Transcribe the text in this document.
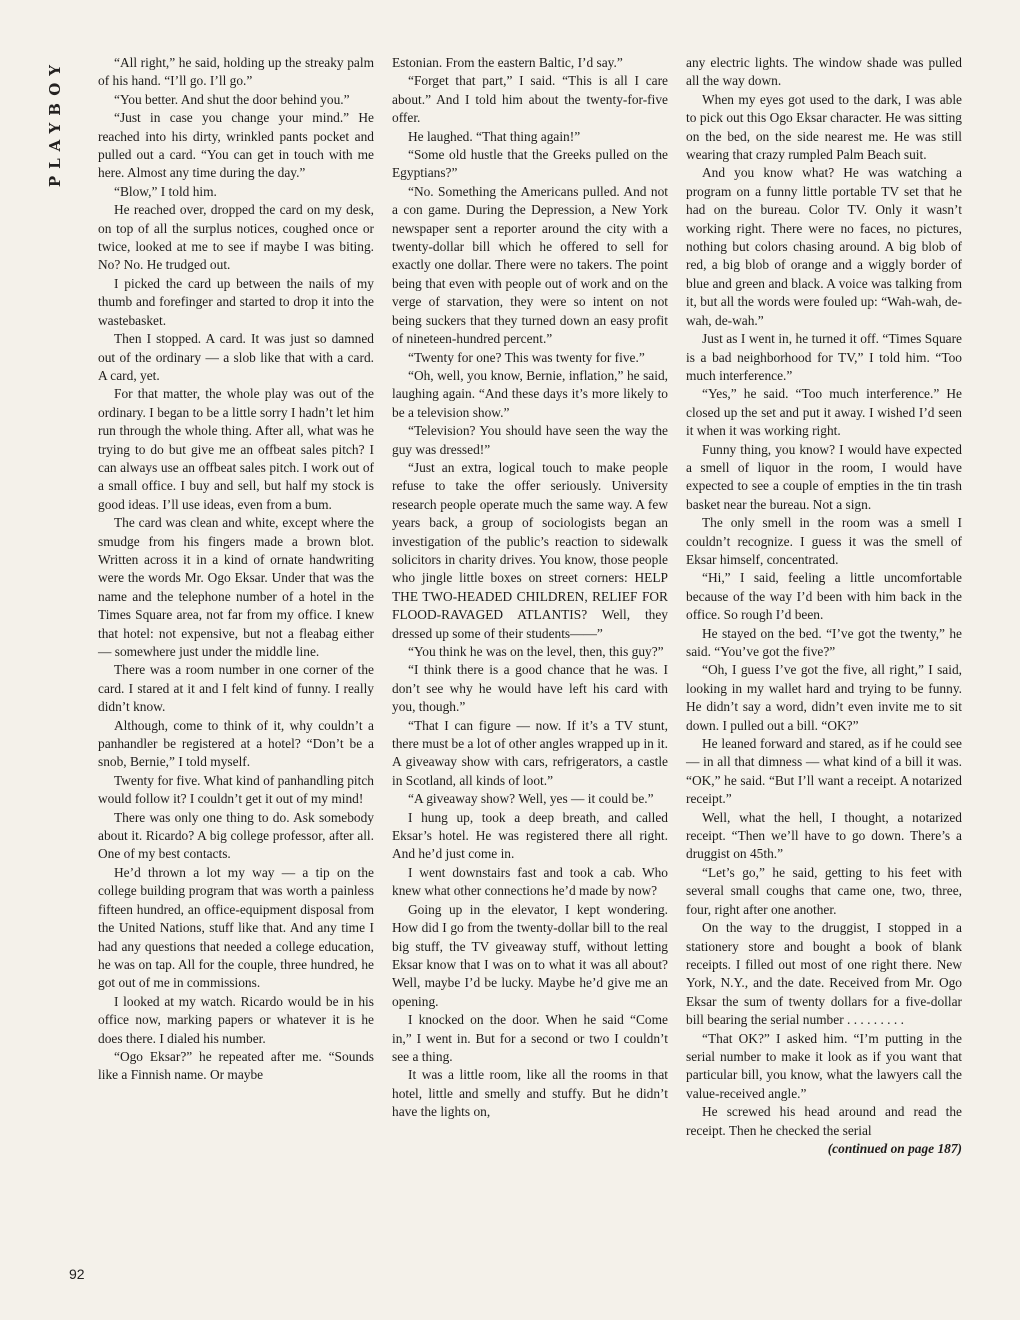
PLAYBOY	“All right,” he said, holding up the streaky palm of his hand. “I’ll go. I’ll go.”

“You better. And shut the door behind you.”

“Just in case you change your mind.” He reached into his dirty, wrinkled pants pocket and pulled out a card. “You can get in touch with me here. Almost any time during the day.”

“Blow,” I told him.

He reached over, dropped the card on my desk, on top of all the surplus notices, coughed once or twice, looked at me to see if maybe I was biting. No? No. He trudged out.

I picked the card up between the nails of my thumb and forefinger and started to drop it into the wastebasket.

Then I stopped. A card. It was just so damned out of the ordinary — a slob like that with a card. A card, yet.

For that matter, the whole play was out of the ordinary. I began to be a little sorry I hadn’t let him run through the whole thing. After all, what was he trying to do but give me an offbeat sales pitch? I can always use an offbeat sales pitch. I work out of a small office. I buy and sell, but half my stock is good ideas. I’ll use ideas, even from a bum.

The card was clean and white, except where the smudge from his fingers made a brown blot. Written across it in a kind of ornate handwriting were the words Mr. Ogo Eksar. Under that was the name and the telephone number of a hotel in the Times Square area, not far from my office. I knew that hotel: not expensive, but not a fleabag either — somewhere just under the middle line.

There was a room number in one corner of the card. I stared at it and I felt kind of funny. I really didn’t know.

Although, come to think of it, why couldn’t a panhandler be registered at a hotel? “Don’t be a snob, Bernie,” I told myself.

Twenty for five. What kind of panhandling pitch would follow it? I couldn’t get it out of my mind!

There was only one thing to do. Ask somebody about it. Ricardo? A big college professor, after all. One of my best contacts.

He’d thrown a lot my way — a tip on the college building program that was worth a painless fifteen hundred, an office-equipment disposal from the United Nations, stuff like that. And any time I had any questions that needed a college education, he was on tap. All for the couple, three hundred, he got out of me in commissions.

I looked at my watch. Ricardo would be in his office now, marking papers or whatever it is he does there. I dialed his number.

“Ogo Eksar?” he repeated after me. “Sounds like a Finnish name. Or maybe

Estonian. From the eastern Baltic, I’d say.”

“Forget that part,” I said. “This is all I care about.” And I told him about the twenty-for-five offer.

He laughed. “That thing again!”

“Some old hustle that the Greeks pulled on the Egyptians?”

“No. Something the Americans pulled. And not a con game. During the Depression, a New York newspaper sent a reporter around the city with a twenty-dollar bill which he offered to sell for exactly one dollar. There were no takers. The point being that even with people out of work and on the verge of starvation, they were so intent on not being suckers that they turned down an easy profit of nineteen-hundred percent.”

“Twenty for one? This was twenty for five.”

“Oh, well, you know, Bernie, inflation,” he said, laughing again. “And these days it’s more likely to be a television show.”

“Television? You should have seen the way the guy was dressed!”

“Just an extra, logical touch to make people refuse to take the offer seriously. University research people operate much the same way. A few years back, a group of sociologists began an investigation of the public’s reaction to sidewalk solicitors in charity drives. You know, those people who jingle little boxes on street corners: HELP THE TWO-HEADED CHILDREN, RELIEF FOR FLOOD-RAVAGED ATLANTIS? Well, they dressed up some of their students——”

“You think he was on the level, then, this guy?”

“I think there is a good chance that he was. I don’t see why he would have left his card with you, though.”

“That I can figure — now. If it’s a TV stunt, there must be a lot of other angles wrapped up in it. A giveaway show with cars, refrigerators, a castle in Scotland, all kinds of loot.”

“A giveaway show? Well, yes — it could be.”

I hung up, took a deep breath, and called Eksar’s hotel. He was registered there all right. And he’d just come in.

I went downstairs fast and took a cab. Who knew what other connections he’d made by now?

Going up in the elevator, I kept wondering. How did I go from the twenty-dollar bill to the real big stuff, the TV giveaway stuff, without letting Eksar know that I was on to what it was all about? Well, maybe I’d be lucky. Maybe he’d give me an opening.

I knocked on the door. When he said “Come in,” I went in. But for a second or two I couldn’t see a thing.

It was a little room, like all the rooms in that hotel, little and smelly and stuffy. But he didn’t have the lights on,

any electric lights. The window shade was pulled all the way down.

When my eyes got used to the dark, I was able to pick out this Ogo Eksar character. He was sitting on the bed, on the side nearest me. He was still wearing that crazy rumpled Palm Beach suit.

And you know what? He was watching a program on a funny little portable TV set that he had on the bureau. Color TV. Only it wasn’t working right. There were no faces, no pictures, nothing but colors chasing around. A big blob of red, a big blob of orange and a wiggly border of blue and green and black. A voice was talking from it, but all the words were fouled up: “Wah-wah, de-wah, de-wah.”

Just as I went in, he turned it off. “Times Square is a bad neighborhood for TV,” I told him. “Too much interference.”

“Yes,” he said. “Too much interference.” He closed up the set and put it away. I wished I’d seen it when it was working right.

Funny thing, you know? I would have expected a smell of liquor in the room, I would have expected to see a couple of empties in the tin trash basket near the bureau. Not a sign.

The only smell in the room was a smell I couldn’t recognize. I guess it was the smell of Eksar himself, concentrated.

“Hi,” I said, feeling a little uncomfortable because of the way I’d been with him back in the office. So rough I’d been.

He stayed on the bed. “I’ve got the twenty,” he said. “You’ve got the five?”

“Oh, I guess I’ve got the five, all right,” I said, looking in my wallet hard and trying to be funny. He didn’t say a word, didn’t even invite me to sit down. I pulled out a bill. “OK?”

He leaned forward and stared, as if he could see — in all that dimness — what kind of a bill it was. “OK,” he said. “But I’ll want a receipt. A notarized receipt.”

Well, what the hell, I thought, a notarized receipt. “Then we’ll have to go down. There’s a druggist on 45th.”

“Let’s go,” he said, getting to his feet with several small coughs that came one, two, three, four, right after one another.

On the way to the druggist, I stopped in a stationery store and bought a book of blank receipts. I filled out most of one right there. New York, N.Y., and the date. Received from Mr. Ogo Eksar the sum of twenty dollars for a five-dollar bill bearing the serial number . . . . . . . . .

“That OK?” I asked him. “I’m putting in the serial number to make it look as if you want that particular bill, you know, what the lawyers call the value-received angle.”

He screwed his head around and read the receipt. Then he checked the serial

(continued on page 187)

92
